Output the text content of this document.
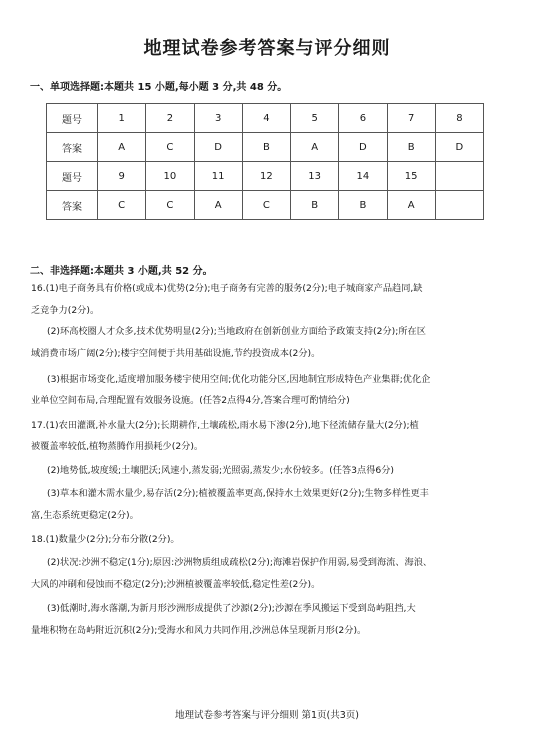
地理试卷参考答案与评分细则
一、单项选择题:本题共 15 小题,每小题 3 分,共 48 分。
题号	1	2	3	4	5	6	7	8
答案	A	C	D	B	A	D	B	D
题号	9	10	11	12	13	14	15	
答案	C	C	A	C	B	B	A	
二、非选择题:本题共 3 小题,共 52 分。
16.(1)电子商务具有价格(或成本)优势(2分);电子商务有完善的服务(2分);电子城商家产品趋同,缺
乏竞争力(2分)。
(2)环高校圈人才众多,技术优势明显(2分);当地政府在创新创业方面给予政策支持(2分);所在区
域消费市场广阔(2分);楼宇空间便于共用基础设施,节约投资成本(2分)。
(3)根据市场变化,适度增加服务楼宇使用空间;优化功能分区,因地制宜形成特色产业集群;优化企
业单位空间布局,合理配置有效服务设施。(任答2点得4分,答案合理可酌情给分)
17.(1)农田灌溉,补水量大(2分);长期耕作,土壤疏松,雨水易下渗(2分),地下径流储存量大(2分);植
被覆盖率较低,植物蒸腾作用损耗少(2分)。
(2)地势低,坡度缓;土壤肥沃;风速小,蒸发弱;光照弱,蒸发少;水份较多。(任答3点得6分)
(3)草本和灌木需水量少,易存活(2分);植被覆盖率更高,保持水土效果更好(2分);生物多样性更丰
富,生态系统更稳定(2分)。
18.(1)数量少(2分);分布分散(2分)。
(2)状况:沙洲不稳定(1分);原因:沙洲物质组成疏松(2分);海滩岩保护作用弱,易受到海流、海浪、
大风的冲刷和侵蚀而不稳定(2分);沙洲植被覆盖率较低,稳定性差(2分)。
(3)低潮时,海水落潮,为新月形沙洲形成提供了沙源(2分);沙源在季风搬运下受到岛屿阻挡,大
量堆积物在岛屿附近沉积(2分);受海水和风力共同作用,沙洲总体呈现新月形(2分)。
地理试卷参考答案与评分细则 第1页(共3页)
